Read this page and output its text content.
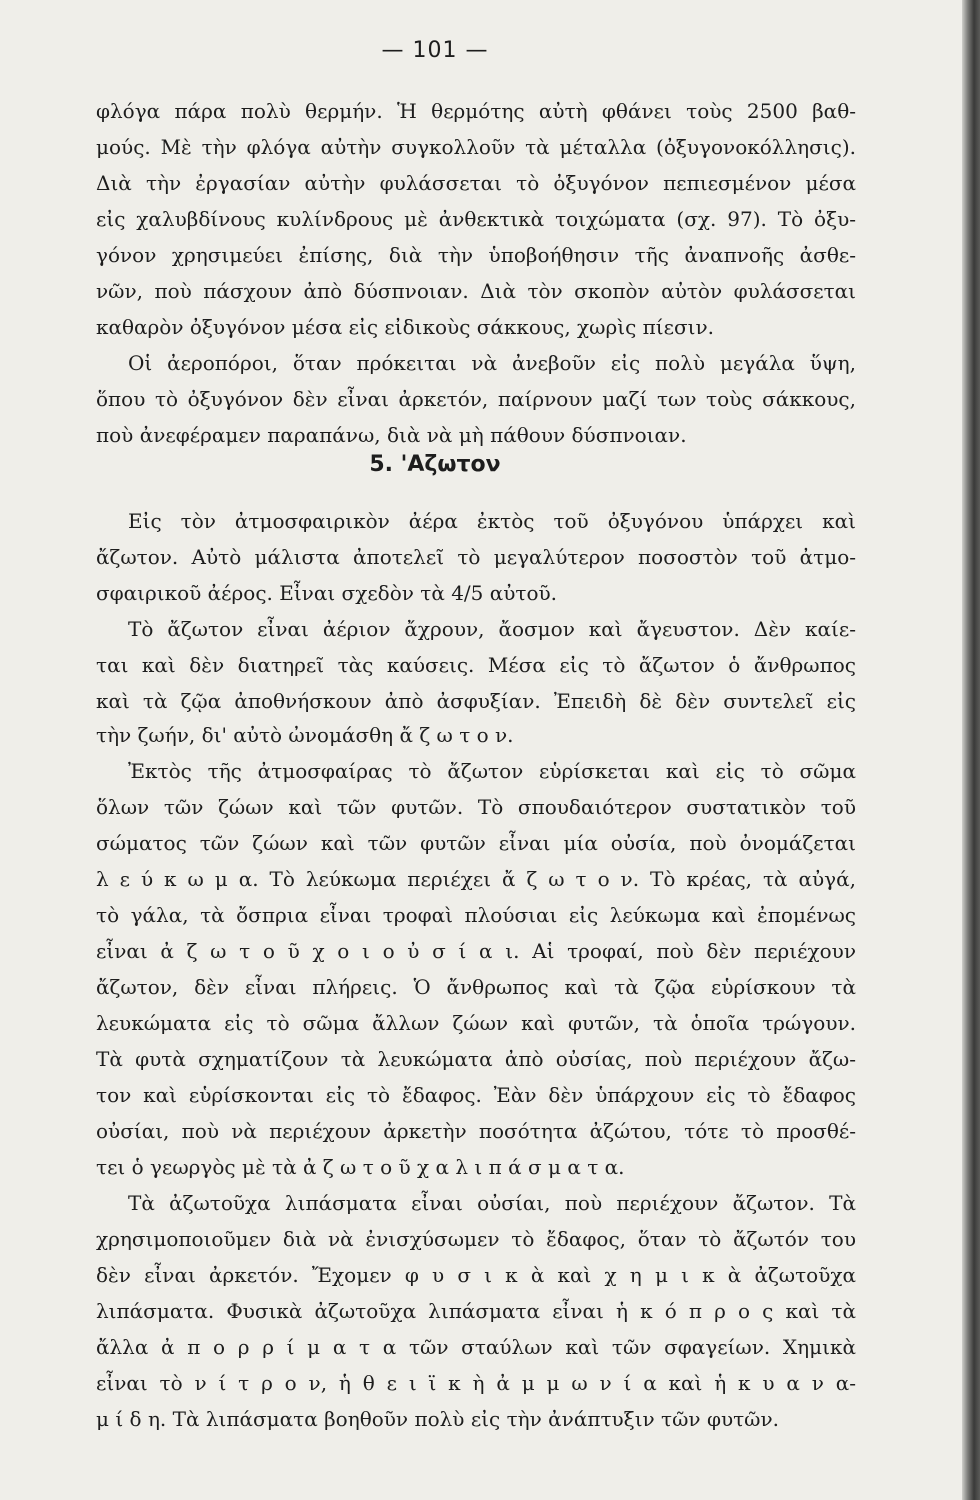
— 101 —
φλόγα πάρα πολὺ θερμήν. Ἡ θερμότης αὐτὴ φθάνει τοὺς 2500 βαθ-
μούς. Μὲ τὴν φλόγα αὐτὴν συγκολλοῦν τὰ μέταλλα (ὀξυγονοκόλλησις).
Διὰ τὴν ἐργασίαν αὐτὴν φυλάσσεται τὸ ὀξυγόνον πεπιεσμένον μέσα
εἰς χαλυβδίνους κυλίνδρους μὲ ἀνθεκτικὰ τοιχώματα (σχ. 97). Τὸ ὀξυ-
γόνον χρησιμεύει ἐπίσης, διὰ τὴν ὑποβοήθησιν τῆς ἀναπνοῆς ἀσθε-
νῶν, ποὺ πάσχουν ἀπὸ δύσπνοιαν. Διὰ τὸν σκοπὸν αὐτὸν φυλάσσεται
καθαρὸν ὀξυγόνον μέσα εἰς εἰδικοὺς σάκκους, χωρὶς πίεσιν.
Οἱ ἀεροπόροι, ὅταν πρόκειται νὰ ἀνεβοῦν εἰς πολὺ μεγάλα ὕψη,
ὅπου τὸ ὀξυγόνον δὲν εἶναι ἀρκετόν, παίρνουν μαζί των τοὺς σάκκους,
ποὺ ἀνεφέραμεν παραπάνω, διὰ νὰ μὴ πάθουν δύσπνοιαν.
5. 'Αζωτον
Εἰς τὸν ἀτμοσφαιρικὸν ἀέρα ἐκτὸς τοῦ ὀξυγόνου ὑπάρχει καὶ
ἄζωτον. Αὐτὸ μάλιστα ἀποτελεῖ τὸ μεγαλύτερον ποσοστὸν τοῦ ἀτμο-
σφαιρικοῦ ἀέρος. Εἶναι σχεδὸν τὰ 4/5 αὐτοῦ.
Τὸ ἄζωτον εἶναι ἀέριον ἄχρουν, ἄοσμον καὶ ἄγευστον. Δὲν καίε-
ται καὶ δὲν διατηρεῖ τὰς καύσεις. Μέσα εἰς τὸ ἄζωτον ὁ ἄνθρωπος
καὶ τὰ ζῷα ἀποθνήσκουν ἀπὸ ἀσφυξίαν. Ἐπειδὴ δὲ δὲν συντελεῖ εἰς
τὴν ζωήν, δι' αὐτὸ ὠνομάσθη ἄ ζ ω τ ο ν.
Ἐκτὸς τῆς ἀτμοσφαίρας τὸ ἄζωτον εὑρίσκεται καὶ εἰς τὸ σῶμα
ὅλων τῶν ζώων καὶ τῶν φυτῶν. Τὸ σπουδαιότερον συστατικὸν τοῦ
σώματος τῶν ζώων καὶ τῶν φυτῶν εἶναι μία οὐσία, ποὺ ὀνομάζεται
λ ε ύ κ ω μ α. Τὸ λεύκωμα περιέχει ἄ ζ ω τ ο ν. Τὸ κρέας, τὰ αὐγά,
τὸ γάλα, τὰ ὄσπρια εἶναι τροφαὶ πλούσιαι εἰς λεύκωμα καὶ ἐπομένως
εἶναι ἀ ζ ω τ ο ῦ χ ο ι ο ὐ σ ί α ι. Αἱ τροφαί, ποὺ δὲν περιέχουν
ἄζωτον, δὲν εἶναι πλήρεις. Ὁ ἄνθρωπος καὶ τὰ ζῷα εὑρίσκουν τὰ
λευκώματα εἰς τὸ σῶμα ἄλλων ζώων καὶ φυτῶν, τὰ ὁποῖα τρώγουν.
Τὰ φυτὰ σχηματίζουν τὰ λευκώματα ἀπὸ οὐσίας, ποὺ περιέχουν ἄζω-
τον καὶ εὑρίσκονται εἰς τὸ ἔδαφος. Ἐὰν δὲν ὑπάρχουν εἰς τὸ ἔδαφος
οὐσίαι, ποὺ νὰ περιέχουν ἀρκετὴν ποσότητα ἀζώτου, τότε τὸ προσθέ-
τει ὁ γεωργὸς μὲ τὰ ἀ ζ ω τ ο ῦ χ α λ ι π ά σ μ α τ α.
Τὰ ἀζωτοῦχα λιπάσματα εἶναι οὐσίαι, ποὺ περιέχουν ἄζωτον. Τὰ
χρησιμοποιοῦμεν διὰ νὰ ἐνισχύσωμεν τὸ ἔδαφος, ὅταν τὸ ἄζωτόν του
δὲν εἶναι ἀρκετόν. Ἔχομεν φ υ σ ι κ ὰ καὶ χ η μ ι κ ὰ ἀζωτοῦχα
λιπάσματα. Φυσικὰ ἀζωτοῦχα λιπάσματα εἶναι ἡ κ ό π ρ ο ς καὶ τὰ
ἄλλα ἀ π ο ρ ρ ί μ α τ α τῶν σταύλων καὶ τῶν σφαγείων. Χημικὰ
εἶναι τὸ ν ί τ ρ ο ν, ἡ θ ε ι ϊ κ ὴ ἀ μ μ ω ν ί α καὶ ἡ κ υ α ν α-
μ ί δ η. Τὰ λιπάσματα βοηθοῦν πολὺ εἰς τὴν ἀνάπτυξιν τῶν φυτῶν.
